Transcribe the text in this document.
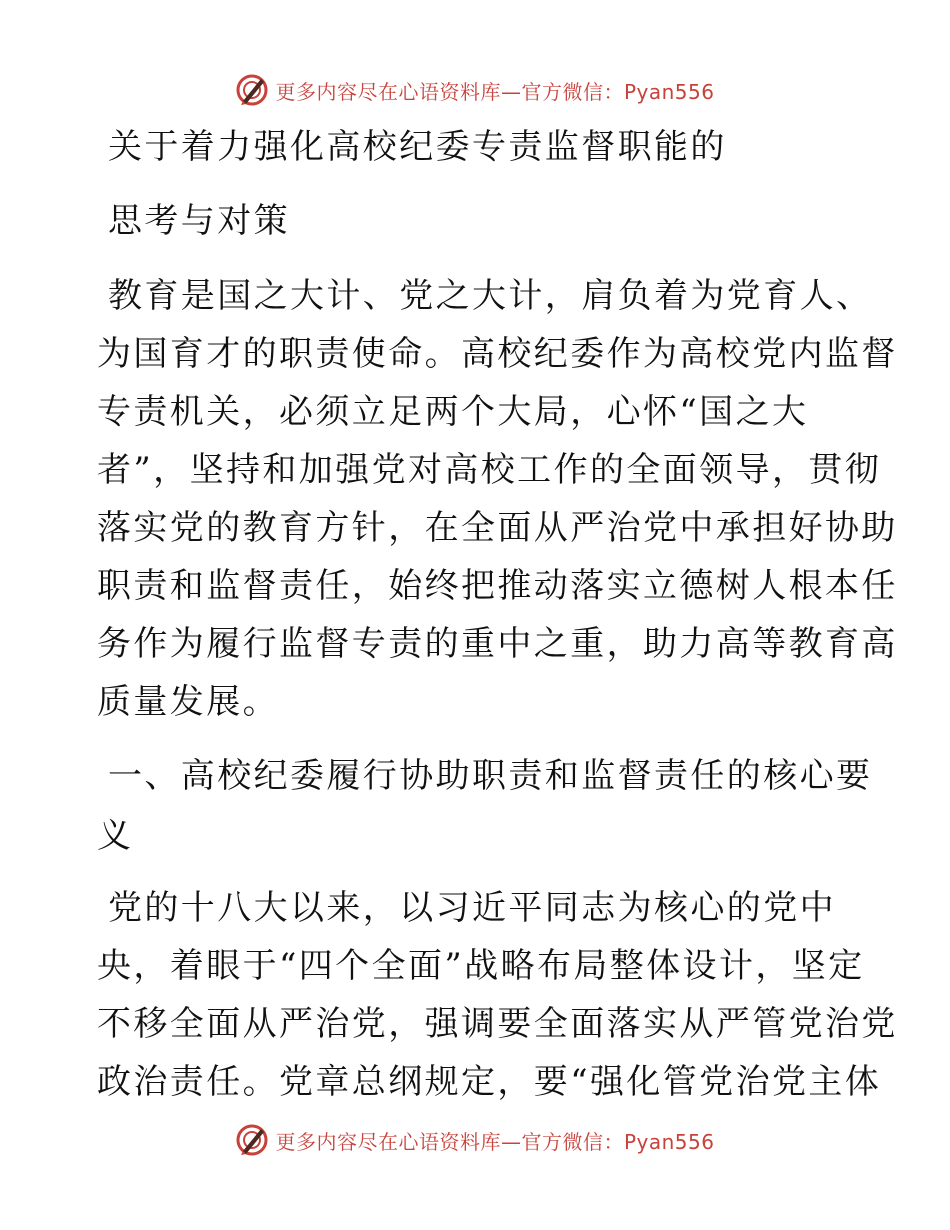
更多内容尽在心语资料库—官方微信：Pyan556
关于着力强化高校纪委专责监督职能的
思考与对策
教育是国之大计、党之大计，肩负着为党育人、
为国育才的职责使命。高校纪委作为高校党内监督
专责机关，必须立足两个大局，心怀“国之大
者”，坚持和加强党对高校工作的全面领导，贯彻
落实党的教育方针，在全面从严治党中承担好协助
职责和监督责任，始终把推动落实立德树人根本任
务作为履行监督专责的重中之重，助力高等教育高
质量发展。
一、高校纪委履行协助职责和监督责任的核心要
义
党的十八大以来，以习近平同志为核心的党中
央，着眼于“四个全面”战略布局整体设计，坚定
不移全面从严治党，强调要全面落实从严管党治党
政治责任。党章总纲规定，要“强化管党治党主体
更多内容尽在心语资料库—官方微信：Pyan556
